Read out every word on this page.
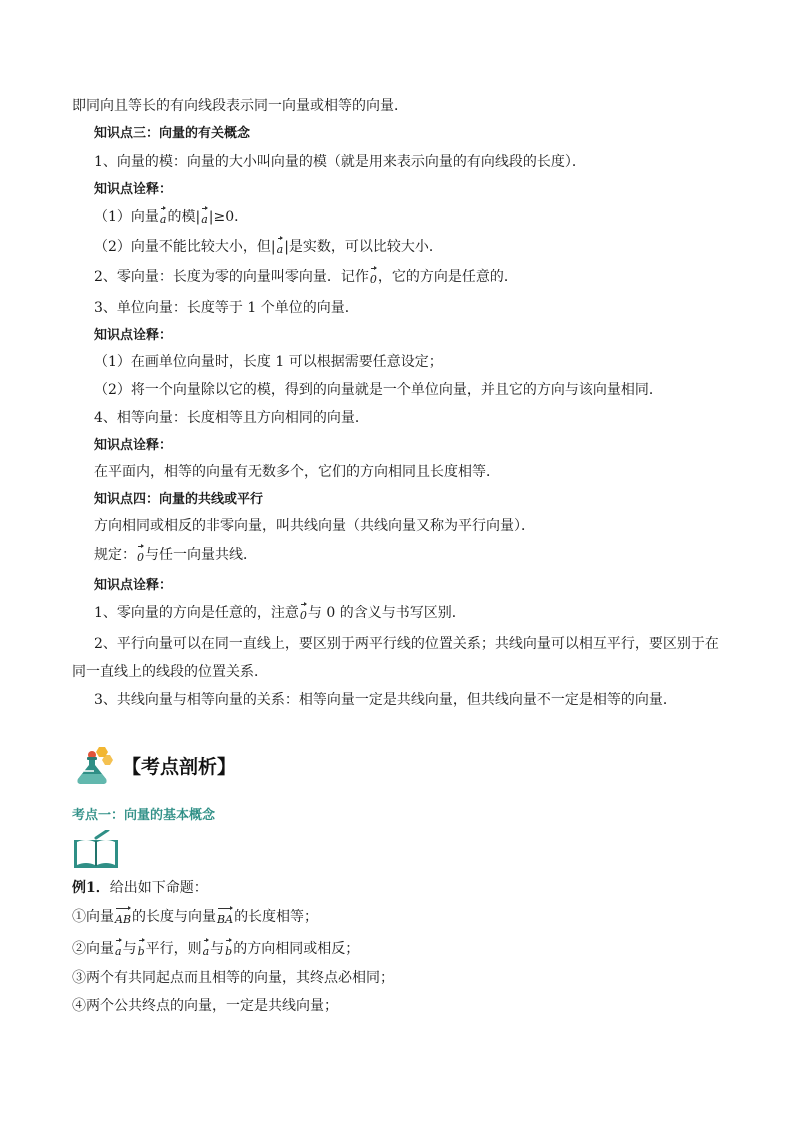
即同向且等长的有向线段表示同一向量或相等的向量．
知识点三：向量的有关概念
1、向量的模：向量的大小叫向量的模（就是用来表示向量的有向线段的长度）．
知识点诠释：
（1）向量a的模|a|≥0．
（2）向量不能比较大小，但|a|是实数，可以比较大小．
2、零向量：长度为零的向量叫零向量．记作0，它的方向是任意的．
3、单位向量：长度等于 1 个单位的向量．
知识点诠释：
（1）在画单位向量时，长度 1 可以根据需要任意设定；
（2）将一个向量除以它的模，得到的向量就是一个单位向量，并且它的方向与该向量相同．
4、相等向量：长度相等且方向相同的向量．
知识点诠释：
在平面内，相等的向量有无数多个，它们的方向相同且长度相等．
知识点四：向量的共线或平行
方向相同或相反的非零向量，叫共线向量（共线向量又称为平行向量）．
规定：0与任一向量共线．
知识点诠释：
1、零向量的方向是任意的，注意0与 0 的含义与书写区别．
2、平行向量可以在同一直线上，要区别于两平行线的位置关系；共线向量可以相互平行，要区别于在
同一直线上的线段的位置关系．
3、共线向量与相等向量的关系：相等向量一定是共线向量，但共线向量不一定是相等的向量．
【考点剖析】
考点一：向量的基本概念
例1．给出如下命题：
①向量AB的长度与向量BA的长度相等；
②向量a与b平行，则a与b的方向相同或相反；
③两个有共同起点而且相等的向量，其终点必相同；
④两个公共终点的向量，一定是共线向量；
